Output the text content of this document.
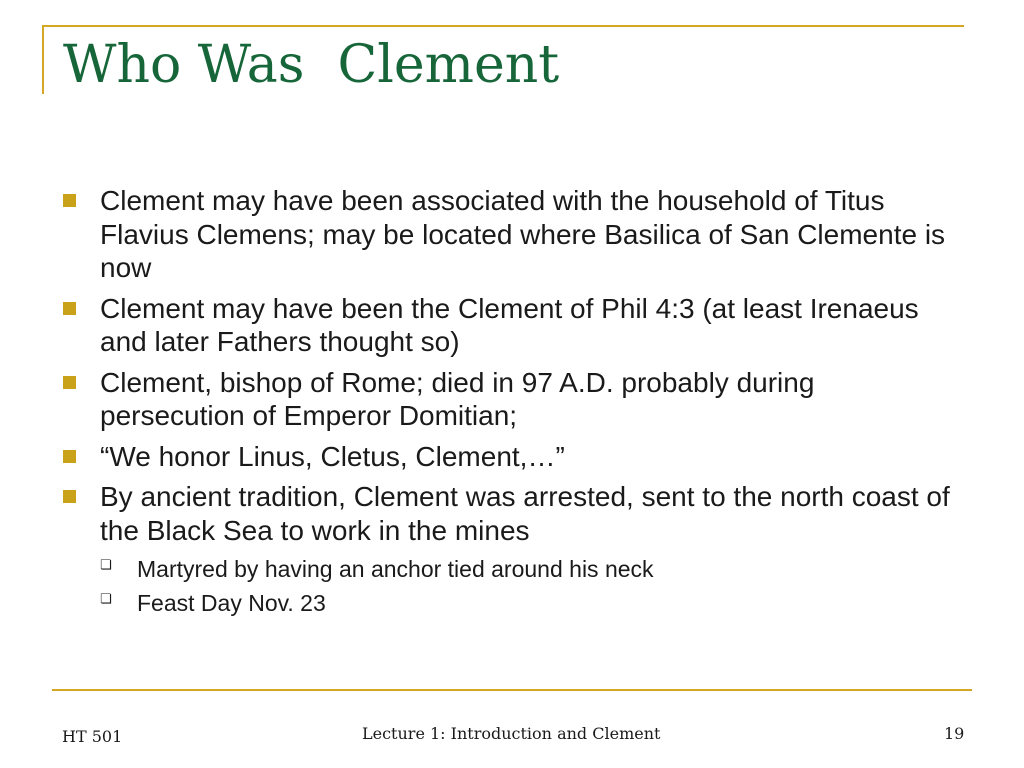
Who Was  Clement
Clement may have been associated with the household of Titus Flavius Clemens; may be located where Basilica of San Clemente is now
Clement may have been the Clement of Phil 4:3 (at least Irenaeus and later Fathers thought so)
Clement, bishop of Rome; died in 97 A.D. probably during persecution of Emperor Domitian;
“We honor Linus, Cletus, Clement,…”
By ancient tradition, Clement was arrested, sent to the north coast of the Black Sea to work in the mines
❏ Martyred by having an anchor tied around his neck
❏ Feast Day Nov. 23
HT 501	Lecture 1: Introduction and Clement	19
